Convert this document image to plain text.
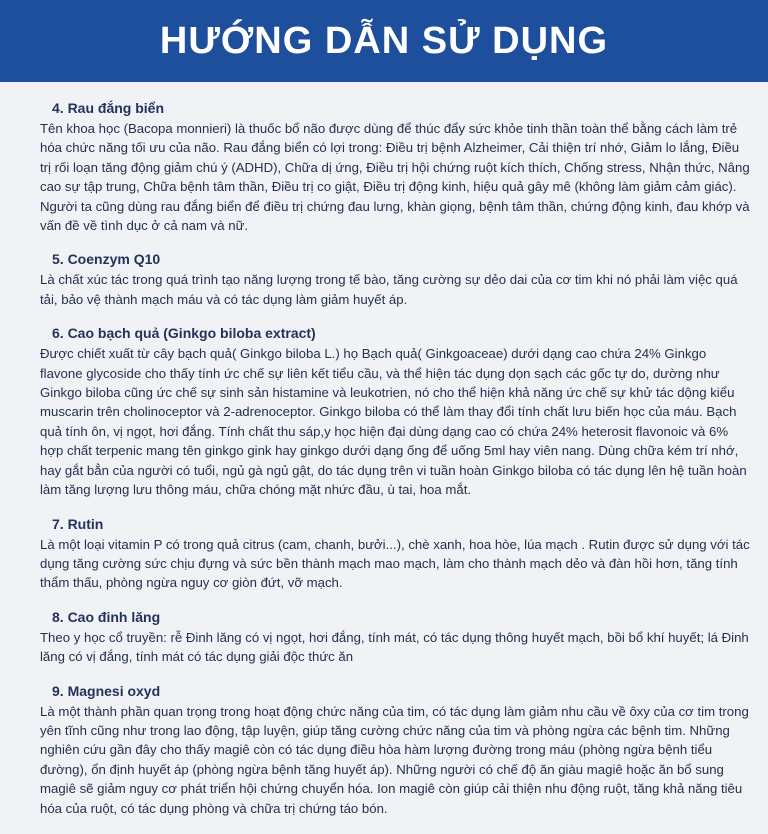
HƯỚNG DẪN SỬ DỤNG
4. Rau đắng biển

Tên khoa học (Bacopa monnieri) là thuốc bổ não được dùng để thúc đẩy sức khỏe tinh thần toàn thể bằng cách làm trẻ hóa chức năng tối ưu của não. Rau đắng biển có lợi trong: Điều trị bệnh Alzheimer, Cải thiện trí nhớ, Giảm lo lắng, Điều trị rối loạn tăng động giảm chú ý (ADHD), Chữa dị ứng, Điều trị hội chứng ruột kích thích, Chống stress, Nhận thức, Nâng cao sự tập trung, Chữa bệnh tâm thần, Điều trị co giật, Điều trị động kinh, hiệu quả gây mê (không làm giảm cảm giác). Người ta cũng dùng rau đắng biển để điều trị chứng đau lưng, khàn giọng, bệnh tâm thần, chứng động kinh, đau khớp và vấn đề về tình dục ở cả nam và nữ.

5. Coenzym Q10

Là chất xúc tác trong quá trình tạo năng lượng trong tế bào, tăng cường sự dẻo dai của cơ tim khi nó phải làm việc quá tải, bảo vệ thành mạch máu và có tác dụng làm giảm huyết áp.

6. Cao bạch quả (Ginkgo biloba extract)

Được chiết xuất từ cây bạch quả( Ginkgo biloba L.) họ Bạch quả( Ginkgoaceae) dưới dạng cao chứa 24% Ginkgo flavone glycoside cho thấy tính ức chế sự liên kết tiểu cầu, và thể hiện tác dụng dọn sạch các gốc tự do, dường như Ginkgo biloba cũng ức chế sự sinh sản histamine và leukotrien, nó cho thể hiện khả năng ức chế sự khử tác dộng kiểu muscarin trên cholinoceptor và 2-adrenoceptor. Ginkgo biloba có thể làm thay đổi tính chất lưu biến học của máu. Bạch quả tính ôn, vị ngọt, hơi đắng. Tính chất thu sáp,y học hiện đại dùng dạng cao có chứa 24% heterosit flavonoic và 6% hợp chất terpenic mang tên ginkgo gink hay ginkgo dưới dạng ống để uống 5ml hay viên nang. Dùng chữa kém trí nhớ, hay gắt bẳn của người có tuổi, ngủ gà ngủ gật, do tác dụng trên vi tuần hoàn Ginkgo biloba có tác dụng lên hệ tuần hoàn làm tăng lượng lưu thông máu, chữa chóng mặt nhức đầu, ù tai, hoa mắt.

7. Rutin

Là một loại vitamin P có trong quả citrus (cam, chanh, bưởi...), chè xanh, hoa hòe, lúa mạch . Rutin được sử dụng với tác dụng tăng cường sức chịu đựng và sức bền thành mạch mao mạch, làm cho thành mạch dẻo và đàn hồi hơn, tăng tính thẩm thấu, phòng ngừa nguy cơ giòn đứt, vỡ mạch.

8. Cao đinh lăng

Theo y học cổ truyền: rễ Đinh lăng có vị ngọt, hơi đắng, tính mát, có tác dụng thông huyết mạch, bồi bổ khí huyết; lá Đinh lăng có vị đắng, tính mát có tác dụng giải độc thức ăn

9. Magnesi oxyd

Là một thành phần quan trọng trong hoạt động chức năng của tim, có tác dụng làm giảm nhu cầu về ôxy của cơ tim trong yên tĩnh cũng như trong lao động, tập luyện, giúp tăng cường chức năng của tim và phòng ngừa các bệnh tim. Những nghiên cứu gần đây cho thấy magiê còn có tác dụng điều hòa hàm lượng đường trong máu (phòng ngừa bệnh tiểu đường), ổn định huyết áp (phòng ngừa bệnh tăng huyết áp). Những người có chế độ ăn giàu magiê hoặc ăn bổ sung magiê sẽ giảm nguy cơ phát triển hội chứng chuyển hóa. Ion magiê còn giúp cải thiện nhu động ruột, tăng khả năng tiêu hóa của ruột, có tác dụng phòng và chữa trị chứng táo bón.
